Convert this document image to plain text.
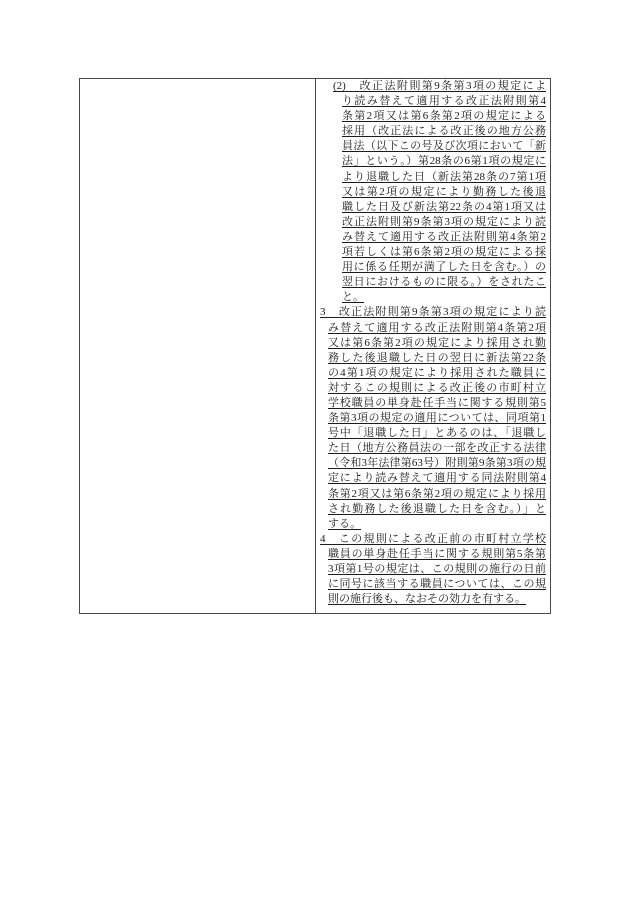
(2)　 改正法附則第9条第3項の規定によ
り読み替えて適用する改正法附則第4
条第2項又は第6条第2項の規定による
採用（改正法による改正後の地方公務
員法（以下この号及び次項において「新
法」という。）第28条の6第1項の規定に
より退職した日（新法第28条の7第1項
又は第2項の規定により勤務した後退
職した日及び新法第22条の4第1項又は
改正法附則第9条第3項の規定により読
み替えて適用する改正法附則第4条第2
項若しくは第6条第2項の規定による採
用に係る任期が満了した日を含む。）の
翌日におけるものに限る。）をされたこ
と。
3　 改正法附則第9条第3項の規定により読
み替えて適用する改正法附則第4条第2項
又は第6条第2項の規定により採用され勤
務した後退職した日の翌日に新法第22条
の4第1項の規定により採用された職員に
対するこの規則による改正後の市町村立
学校職員の単身赴任手当に関する規則第5
条第3項の規定の適用については、同項第1
号中「退職した日」とあるのは、「退職し
た日（地方公務員法の一部を改正する法律
（令和3年法律第63号）附則第9条第3項の規
定により読み替えて適用する同法附則第4
条第2項又は第6条第2項の規定により採用
され勤務した後退職した日を含む。）」と
する。
4　 この規則による改正前の市町村立学校
職員の単身赴任手当に関する規則第5条第
3項第1号の規定は、この規則の施行の日前
に同号に該当する職員については、この規
則の施行後も、なおその効力を有する。
